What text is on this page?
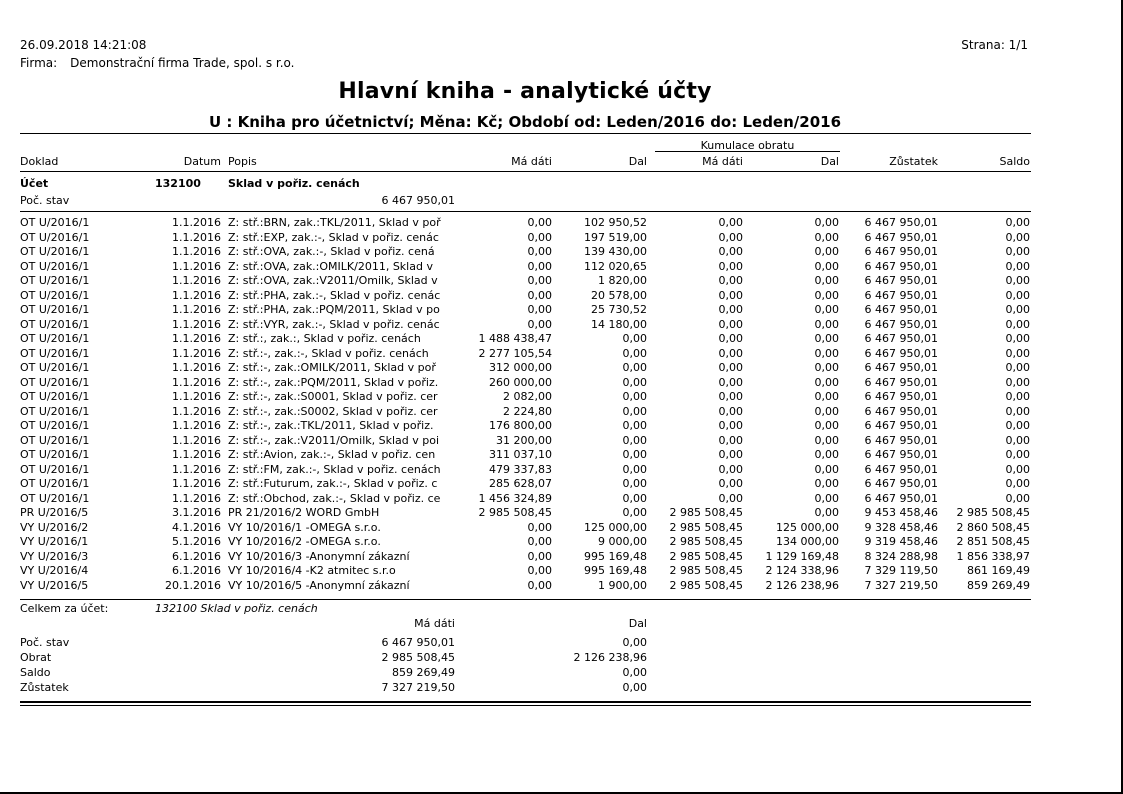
26.09.2018 14:21:08
Firma: Demonstrační firma Trade, spol. s r.o.
Strana: 1/1
Hlavní kniha - analytické účty
U : Kniha pro účetnictví; Měna: Kč; Období od: Leden/2016 do: Leden/2016
Kumulace obratu
Doklad	Datum Popis	Má dáti	Dal	Má dáti	Dal	Zůstatek	Saldo
Účet	132100 Sklad v pořiz. cenách
Poč. stav	6 467 950,01
OT U/2016/1	1.1.2016 Z: stř.:BRN, zak.:TKL/2011, Sklad v poř	0,00	102 950,52	0,00	0,00	6 467 950,01	0,00
OT U/2016/1	1.1.2016 Z: stř.:EXP, zak.:-, Sklad v pořiz. cenác	0,00	197 519,00	0,00	0,00	6 467 950,01	0,00
OT U/2016/1	1.1.2016 Z: stř.:OVA, zak.:-, Sklad v pořiz. cená	0,00	139 430,00	0,00	0,00	6 467 950,01	0,00
OT U/2016/1	1.1.2016 Z: stř.:OVA, zak.:OMILK/2011, Sklad v	0,00	112 020,65	0,00	0,00	6 467 950,01	0,00
OT U/2016/1	1.1.2016 Z: stř.:OVA, zak.:V2011/Omilk, Sklad v	0,00	1 820,00	0,00	0,00	6 467 950,01	0,00
OT U/2016/1	1.1.2016 Z: stř.:PHA, zak.:-, Sklad v pořiz. cenác	0,00	20 578,00	0,00	0,00	6 467 950,01	0,00
OT U/2016/1	1.1.2016 Z: stř.:PHA, zak.:PQM/2011, Sklad v po	0,00	25 730,52	0,00	0,00	6 467 950,01	0,00
OT U/2016/1	1.1.2016 Z: stř.:VYR, zak.:-, Sklad v pořiz. cenác	0,00	14 180,00	0,00	0,00	6 467 950,01	0,00
OT U/2016/1	1.1.2016 Z: stř.:, zak.:, Sklad v pořiz. cenách	1 488 438,47	0,00	0,00	0,00	6 467 950,01	0,00
OT U/2016/1	1.1.2016 Z: stř.:-, zak.:-, Sklad v pořiz. cenách	2 277 105,54	0,00	0,00	0,00	6 467 950,01	0,00
OT U/2016/1	1.1.2016 Z: stř.:-, zak.:OMILK/2011, Sklad v poř	312 000,00	0,00	0,00	0,00	6 467 950,01	0,00
OT U/2016/1	1.1.2016 Z: stř.:-, zak.:PQM/2011, Sklad v pořiz.	260 000,00	0,00	0,00	0,00	6 467 950,01	0,00
OT U/2016/1	1.1.2016 Z: stř.:-, zak.:S0001, Sklad v pořiz. cer	2 082,00	0,00	0,00	0,00	6 467 950,01	0,00
OT U/2016/1	1.1.2016 Z: stř.:-, zak.:S0002, Sklad v pořiz. cer	2 224,80	0,00	0,00	0,00	6 467 950,01	0,00
OT U/2016/1	1.1.2016 Z: stř.:-, zak.:TKL/2011, Sklad v pořiz.	176 800,00	0,00	0,00	0,00	6 467 950,01	0,00
OT U/2016/1	1.1.2016 Z: stř.:-, zak.:V2011/Omilk, Sklad v poi	31 200,00	0,00	0,00	0,00	6 467 950,01	0,00
OT U/2016/1	1.1.2016 Z: stř.:Avion, zak.:-, Sklad v pořiz. cen	311 037,10	0,00	0,00	0,00	6 467 950,01	0,00
OT U/2016/1	1.1.2016 Z: stř.:FM, zak.:-, Sklad v pořiz. cenách	479 337,83	0,00	0,00	0,00	6 467 950,01	0,00
OT U/2016/1	1.1.2016 Z: stř.:Futurum, zak.:-, Sklad v pořiz. c	285 628,07	0,00	0,00	0,00	6 467 950,01	0,00
OT U/2016/1	1.1.2016 Z: stř.:Obchod, zak.:-, Sklad v pořiz. ce	1 456 324,89	0,00	0,00	0,00	6 467 950,01	0,00
PR U/2016/5	3.1.2016 PR 21/2016/2 WORD GmbH	2 985 508,45	0,00	2 985 508,45	0,00	9 453 458,46	2 985 508,45
VY U/2016/2	4.1.2016 VY 10/2016/1 -OMEGA s.r.o.	0,00	125 000,00	2 985 508,45	125 000,00	9 328 458,46	2 860 508,45
VY U/2016/1	5.1.2016 VY 10/2016/2 -OMEGA s.r.o.	0,00	9 000,00	2 985 508,45	134 000,00	9 319 458,46	2 851 508,45
VY U/2016/3	6.1.2016 VY 10/2016/3 -Anonymní zákazní	0,00	995 169,48	2 985 508,45	1 129 169,48	8 324 288,98	1 856 338,97
VY U/2016/4	6.1.2016 VY 10/2016/4 -K2 atmitec s.r.o	0,00	995 169,48	2 985 508,45	2 124 338,96	7 329 119,50	861 169,49
VY U/2016/5	20.1.2016 VY 10/2016/5 -Anonymní zákazní	0,00	1 900,00	2 985 508,45	2 126 238,96	7 327 219,50	859 269,49
Celkem za účet:	132100 Sklad v pořiz. cenách
Má dáti	Dal
Poč. stav	6 467 950,01	0,00
Obrat	2 985 508,45	2 126 238,96
Saldo	859 269,49	0,00
Zůstatek	7 327 219,50	0,00
